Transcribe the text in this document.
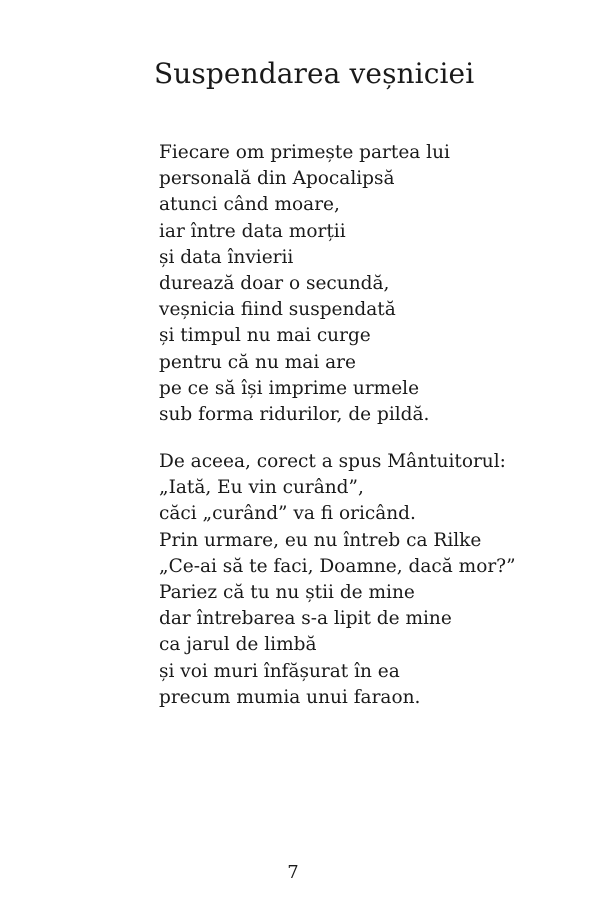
Suspendarea veșniciei
Fiecare om primește partea lui
personală din Apocalipsă
atunci când moare,
iar între data morții
și data învierii
durează doar o secundă,
veșnicia fiind suspendată
și timpul nu mai curge
pentru că nu mai are
pe ce să își imprime urmele
sub forma ridurilor, de pildă.
De aceea, corect a spus Mântuitorul:
„Iată, Eu vin curând”,
căci „curând” va fi oricând.
Prin urmare, eu nu întreb ca Rilke
„Ce-ai să te faci, Doamne, dacă mor?”
Pariez că tu nu știi de mine
dar întrebarea s-a lipit de mine
ca jarul de limbă
și voi muri înfășurat în ea
precum mumia unui faraon.
7
